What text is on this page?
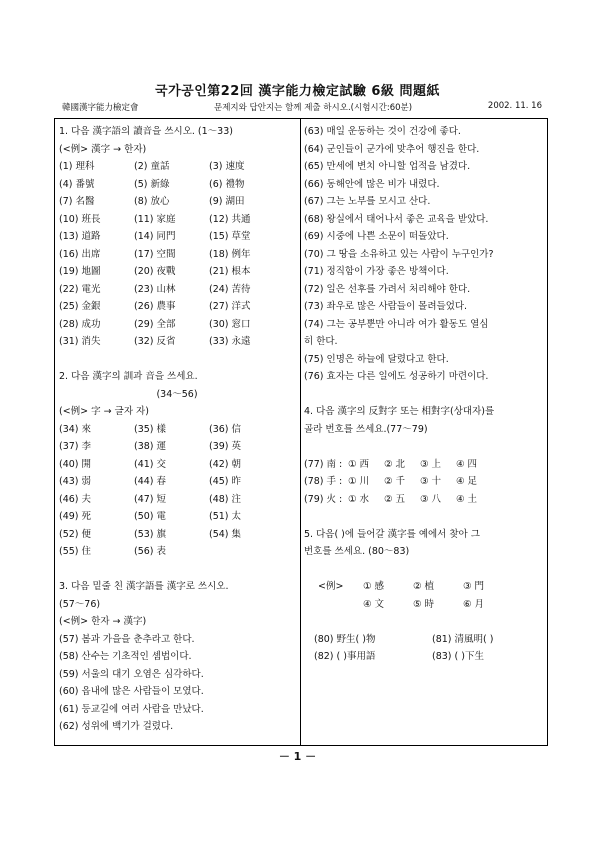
국가공인第22回 漢字能力檢定試驗 6級 問題紙
韓國漢字能力檢定會	문제지와 답안지는 함께 제출 하시오.(시험시간:60분)	2002. 11. 16
1. 다음 漢字語의 讀音을 쓰시오. (1～33)
(<例> 漢字 → 한자)
(1) 理科	(2) 童話	(3) 速度
(4) 番號	(5) 新綠	(6) 禮物
(7) 名醫	(8) 放心	(9) 湖田
(10) 班長	(11) 家庭	(12) 共通
(13) 道路	(14) 同門	(15) 草堂
(16) 出席	(17) 空間	(18) 例年
(19) 地圖	(20) 夜戰	(21) 根本
(22) 電光	(23) 山林	(24) 苦待
(25) 金銀	(26) 農事	(27) 洋式
(28) 成功	(29) 全部	(30) 窓口
(31) 消失	(32) 反省	(33) 永遠
2. 다음 漢字의 訓과 音을 쓰세요.
(34～56)
(<例> 字 → 글자 자)
(34) 來	(35) 樣	(36) 信
(37) 李	(38) 運	(39) 英
(40) 開	(41) 交	(42) 朝
(43) 弱	(44) 春	(45) 昨
(46) 夫	(47) 短	(48) 注
(49) 死	(50) 電	(51) 太
(52) 便	(53) 旗	(54) 集
(55) 住	(56) 表
3. 다음 밑줄 친 漢字語를 漢字로 쓰시오.
(57～76)
(<例> 한자 → 漢字)
(57) 봄과 가을을 춘추라고 한다.
(58) 산수는 기초적인 셈법이다.
(59) 서울의 대기 오염은 심각하다.
(60) 읍내에 많은 사람들이 모였다.
(61) 등교길에 여러 사람을 만났다.
(62) 성위에 백기가 걸렸다.
(63) 매일 운동하는 것이 건강에 좋다.
(64) 군인들이 군가에 맞추어 행진을 한다.
(65) 만세에 변치 아니할 업적을 남겼다.
(66) 동해안에 많은 비가 내렸다.
(67) 그는 노부를 모시고 산다.
(68) 왕실에서 태어나서 좋은 교육을 받았다.
(69) 시중에 나쁜 소문이 떠돌았다.
(70) 그 땅을 소유하고 있는 사람이 누구인가?
(71) 정직함이 가장 좋은 방책이다.
(72) 일은 선후를 가려서 처리해야 한다.
(73) 좌우로 많은 사람들이 몰려들었다.
(74) 그는 공부뿐만 아니라 여가 활동도 열심
히 한다.
(75) 인명은 하늘에 달렸다고 한다.
(76) 효자는 다른 일에도 성공하기 마련이다.
4. 다음 漢字의 反對字 또는 相對字(상대자)를
골라 번호를 쓰세요.(77～79)
(77) 南 : ① 西 ② 北 ③ 上 ④ 四
(78) 手 : ① 川 ② 千 ③ 十 ④ 足
(79) 火 : ① 水 ② 五 ③ 八 ④ 土
5. 다음( )에 들어갈 漢字를 예에서 찾아 그
번호를 쓰세요. (80～83)
<例>	① 感	② 植	③ 門
④ 文	⑤ 時	⑥ 月
(80) 野生( )物	(81) 清風明( )
(82) ( )事用語	(83) ( )下生
－ 1 －
